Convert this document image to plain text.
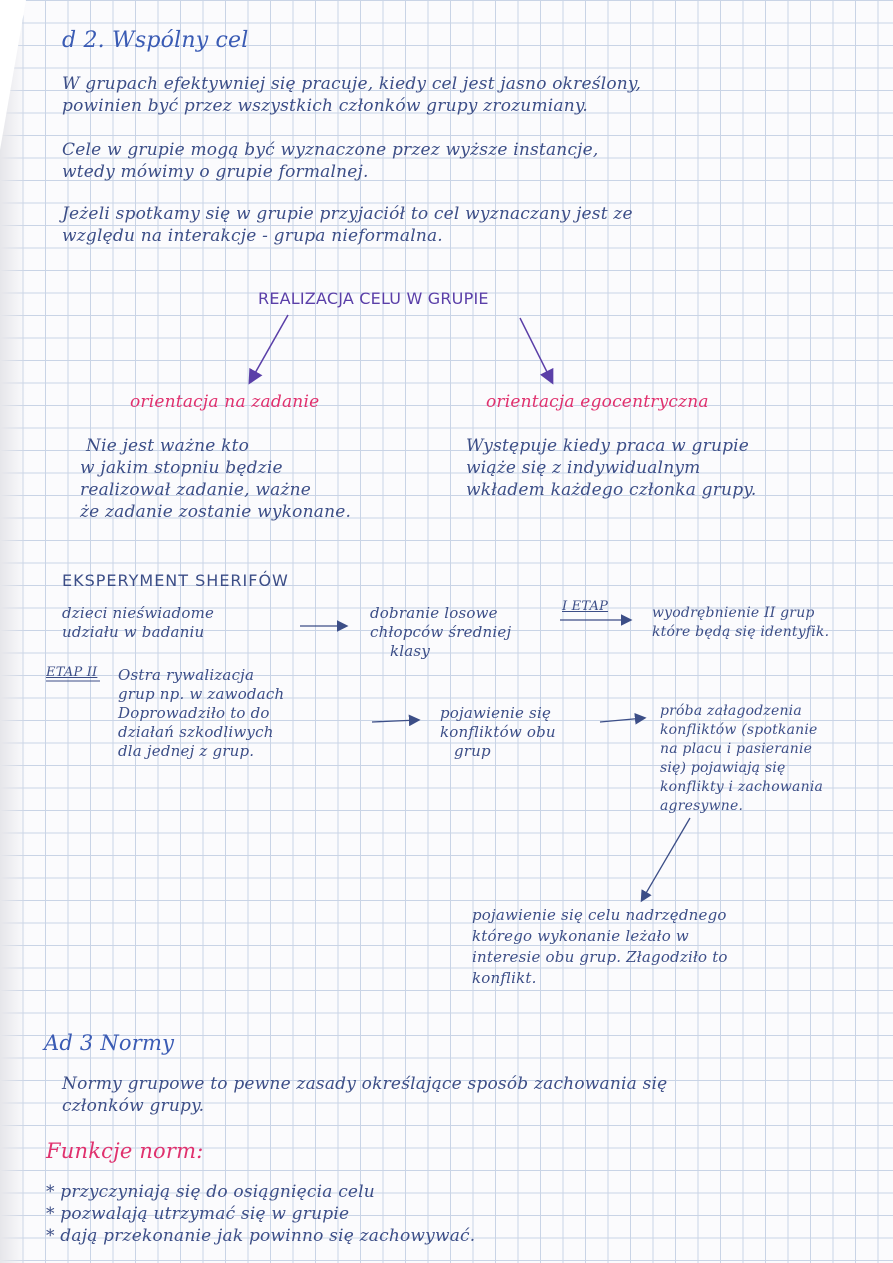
d 2. Wspólny cel
W grupach efektywniej się pracuje, kiedy cel jest jasno określony,
powinien być przez wszystkich członków grupy zrozumiany.
Cele w grupie mogą być wyznaczone przez wyższe instancje,
wtedy mówimy o grupie formalnej.
Jeżeli spotkamy się w grupie przyjaciół to cel wyznaczany jest ze
względu na interakcje - grupa nieformalna.
REALIZACJA CELU W GRUPIE
orientacja na zadanie	orientacja egocentryczna
Nie jest ważne kto
w jakim stopniu będzie
realizował zadanie, ważne
że zadanie zostanie wykonane.
Występuje kiedy praca w grupie
wiąże się z indywidualnym
wkładem każdego członka grupy.
EKSPERYMENT SHERIFÓW
dzieci nieświadome
udziału w badaniu
dobranie losowe
chłopców średniej
klasy
I ETAP	wyodrębnienie II grup
które będą się identyfik.
ETAP II Ostra rywalizacja
grup np. w zawodach
Doprowadziło to do
działań szkodliwych
dla jednej z grup.
pojawienie się
konfliktów obu
grup
próba załagodzenia
konfliktów (spotkanie
na placu i pasieranie
się) pojawiają się
konflikty i zachowania
agresywne.
pojawienie się celu nadrzędnego
którego wykonanie leżało w
interesie obu grup. Złagodziło to
konflikt.
Ad 3 Normy
Normy grupowe to pewne zasady określające sposób zachowania się
członków grupy.
Funkcje norm:
* przyczyniają się do osiągnięcia celu
* pozwalają utrzymać się w grupie
* dają przekonanie jak powinno się zachowywać.
